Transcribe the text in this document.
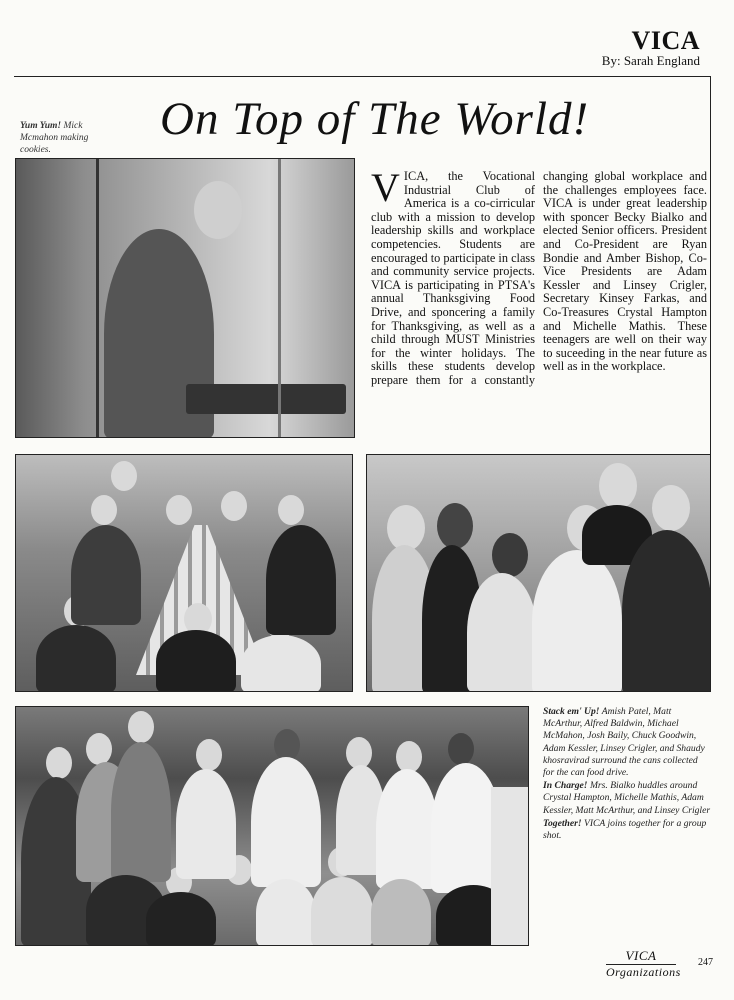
VICA
By: Sarah England
On Top of The World!
Yum Yum! Mick Mcmahon making cookies.
VICA, the Vocational Industrial Club of America is a co-cirricular club with a mission to develop leadership skills and workplace competencies. Students are encouraged to participate in class and community service projects. VICA is participating in PTSA's annual Thanksgiving Food Drive, and sponcering a family for Thanksgiving, as well as a child through MUST Ministries for the winter holidays. The skills these students develop prepare them for a constantly changing global workplace and the challenges employees face. VICA is under great leadership with sponcer Becky Bialko and elected Senior officers. President and Co-President are Ryan Bondie and Amber Bishop, Co-Vice Presidents are Adam Kessler and Linsey Crigler, Secretary Kinsey Farkas, and Co-Treasures Crystal Hampton and Michelle Mathis. These teenagers are well on their way to suceeding in the near future as well as in the workplace.

Stack em' Up! Amish Patel, Matt McArthur, Alfred Baldwin, Michael McMahon, Josh Baily, Chuck Goodwin, Adam Kessler, Linsey Crigler, and Shaudy khosravirad surround the cans collected for the can food drive.

In Charge! Mrs. Bialko huddles around Crystal Hampton, Michelle Mathis, Adam Kessler, Matt McArthur, and Linsey Crigler

Together! VICA joins together for a group shot.

VICA
Organizations
247
